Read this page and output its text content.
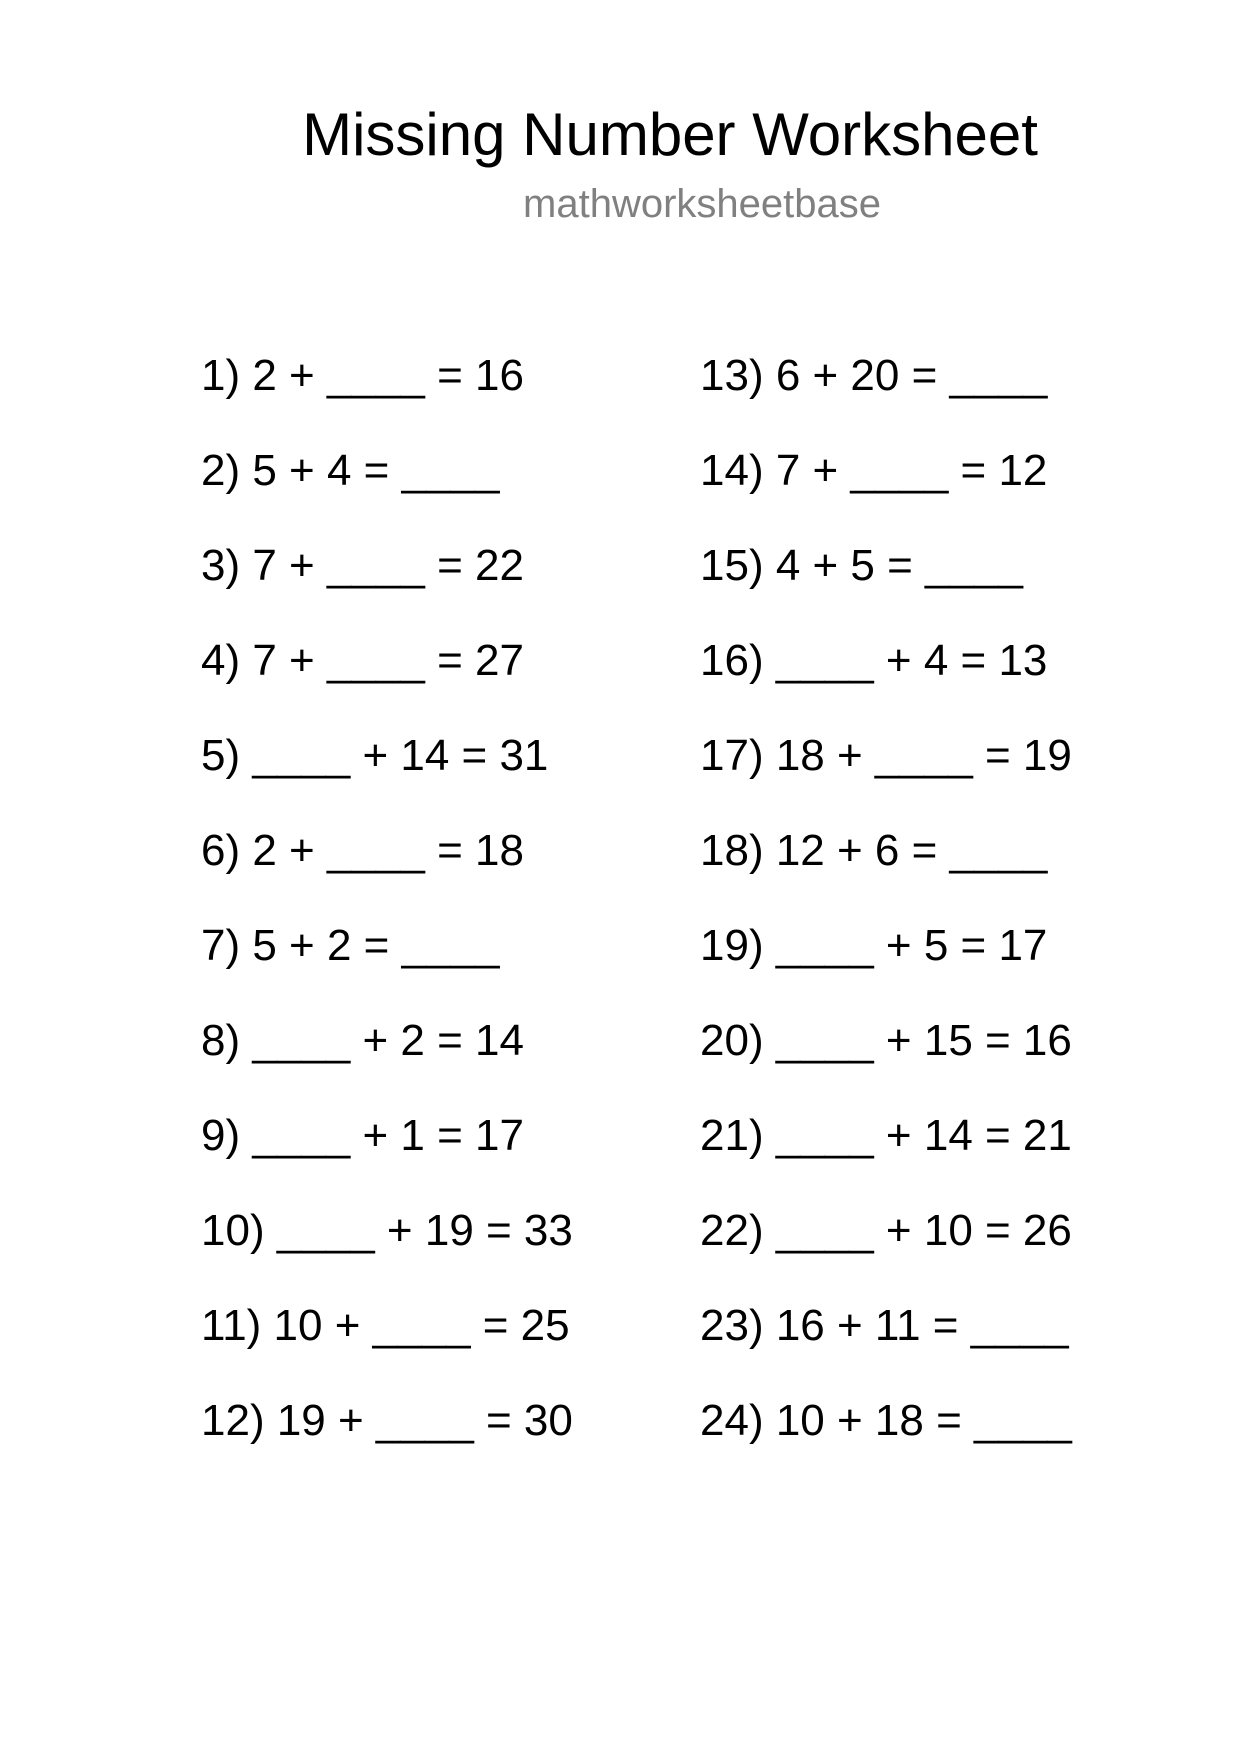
Missing Number Worksheet
mathworksheetbase
1) 2 + ____ = 16
2) 5 + 4 = ____
3) 7 + ____ = 22
4) 7 + ____ = 27
5) ____ + 14 = 31
6) 2 + ____ = 18
7) 5 + 2 = ____
8) ____ + 2 = 14
9) ____ + 1 = 17
10) ____ + 19 = 33
11) 10 + ____ = 25
12) 19 + ____ = 30
13) 6 + 20 = ____
14) 7 + ____ = 12
15) 4 + 5 = ____
16) ____ + 4 = 13
17) 18 + ____ = 19
18) 12 + 6 = ____
19) ____ + 5 = 17
20) ____ + 15 = 16
21) ____ + 14 = 21
22) ____ + 10 = 26
23) 16 + 11 = ____
24) 10 + 18 = ____
